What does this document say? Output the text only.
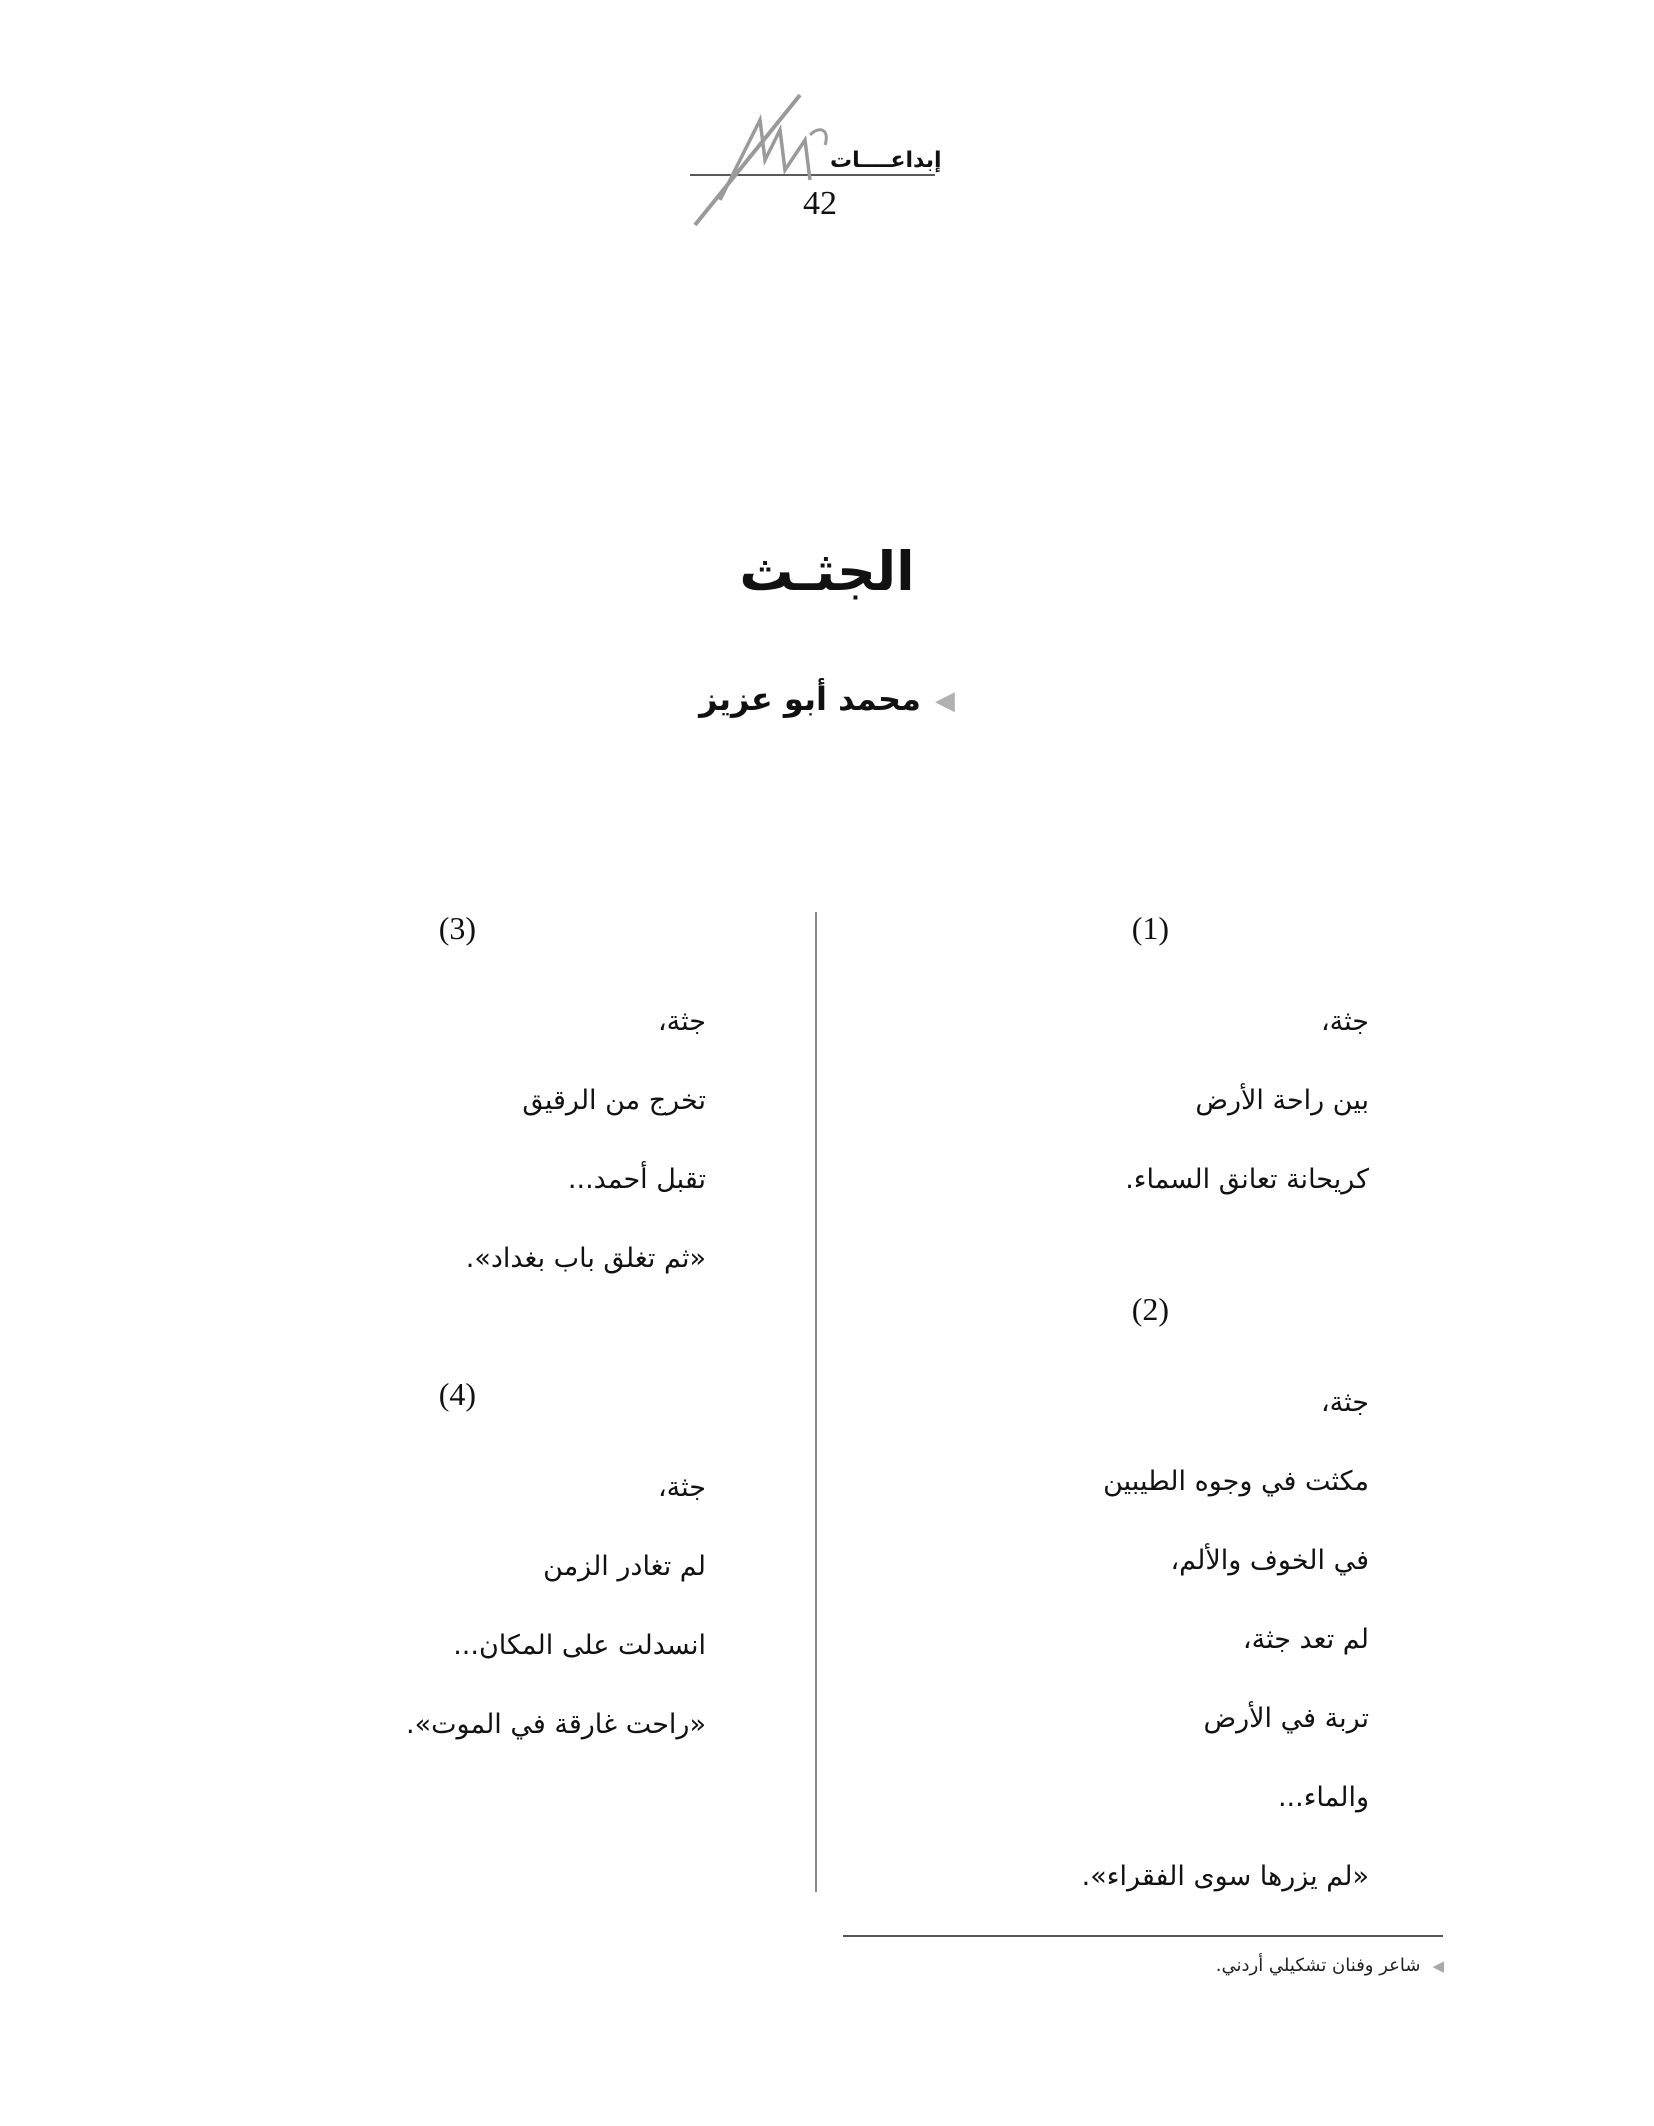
إبداعــــات
42
الجثـث
◀محمد أبو عزيز
(1)
جثة،
بين راحة الأرض
كريحانة تعانق السماء.
(2)
جثة،
مكثت في وجوه الطيبين
في الخوف والألم،
لم تعد جثة،
تربة في الأرض
والماء...
«لم يزرها سوى الفقراء».
(3)
جثة،
تخرج من الرقيق
تقبل أحمد...
«ثم تغلق باب بغداد».
(4)
جثة،
لم تغادر الزمن
انسدلت على المكان...
«راحت غارقة في الموت».
◀شاعر وفنان تشكيلي أردني.
